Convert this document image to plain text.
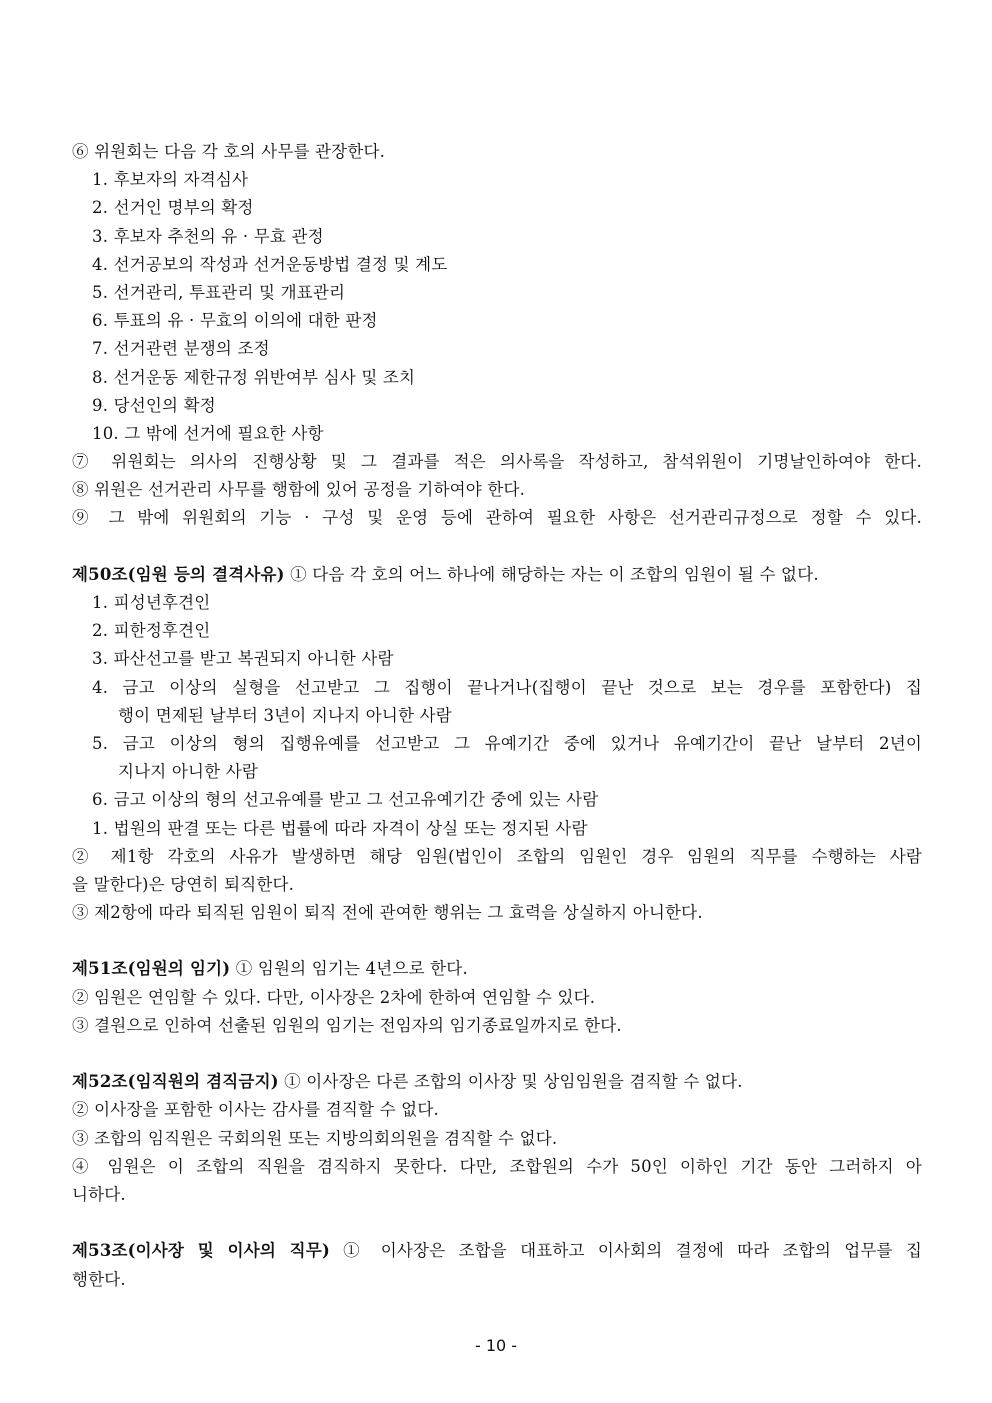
⑥ 위원회는 다음 각 호의 사무를 관장한다.
1. 후보자의 자격심사
2. 선거인 명부의 확정
3. 후보자 추천의 유 · 무효 관정
4. 선거공보의 작성과 선거운동방법 결정 및 계도
5. 선거관리, 투표관리 및 개표관리
6. 투표의 유 · 무효의 이의에 대한 판정
7. 선거관련 분쟁의 조정
8. 선거운동 제한규정 위반여부 심사 및 조치
9. 당선인의 확정
10. 그 밖에 선거에 필요한 사항
⑦ 위원회는 의사의 진행상황 및 그 결과를 적은 의사록을 작성하고, 참석위원이 기명날인하여야 한다.
⑧ 위원은 선거관리 사무를 행함에 있어 공정을 기하여야 한다.
⑨ 그 밖에 위원회의 기능 · 구성 및 운영 등에 관하여 필요한 사항은 선거관리규정으로 정할 수 있다.
제50조(임원 등의 결격사유) ① 다음 각 호의 어느 하나에 해당하는 자는 이 조합의 임원이 될 수 없다.
1. 피성년후견인
2. 피한정후견인
3. 파산선고를 받고 복권되지 아니한 사람
4. 금고 이상의 실형을 선고받고 그 집행이 끝나거나(집행이 끝난 것으로 보는 경우를 포함한다) 집
행이 면제된 날부터 3년이 지나지 아니한 사람
5. 금고 이상의 형의 집행유예를 선고받고 그 유예기간 중에 있거나 유예기간이 끝난 날부터 2년이
지나지 아니한 사람
6. 금고 이상의 형의 선고유예를 받고 그 선고유예기간 중에 있는 사람
1. 법원의 판결 또는 다른 법률에 따라 자격이 상실 또는 정지된 사람
② 제1항 각호의 사유가 발생하면 해당 임원(법인이 조합의 임원인 경우 임원의 직무를 수행하는 사람
을 말한다)은 당연히 퇴직한다.
③ 제2항에 따라 퇴직된 임원이 퇴직 전에 관여한 행위는 그 효력을 상실하지 아니한다.
제51조(임원의 임기) ① 임원의 임기는 4년으로 한다.
② 임원은 연임할 수 있다. 다만, 이사장은 2차에 한하여 연임할 수 있다.
③ 결원으로 인하여 선출된 임원의 임기는 전임자의 임기종료일까지로 한다.
제52조(임직원의 겸직금지) ① 이사장은 다른 조합의 이사장 및 상임임원을 겸직할 수 없다.
② 이사장을 포함한 이사는 감사를 겸직할 수 없다.
③ 조합의 임직원은 국회의원 또는 지방의회의원을 겸직할 수 없다.
④ 임원은 이 조합의 직원을 겸직하지 못한다. 다만, 조합원의 수가 50인 이하인 기간 동안 그러하지 아
니하다.
제53조(이사장 및 이사의 직무) ① 이사장은 조합을 대표하고 이사회의 결정에 따라 조합의 업무를 집
행한다.
- 10 -
